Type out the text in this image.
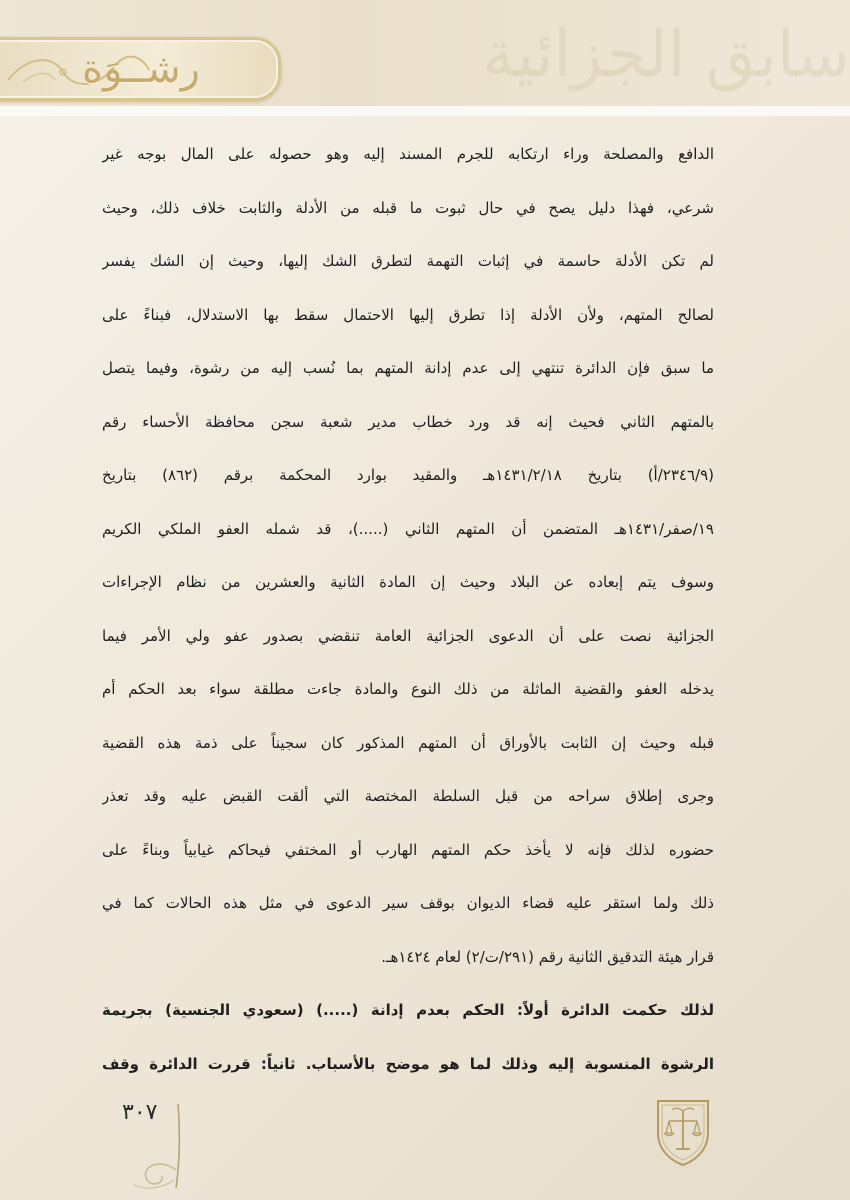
سابق الجزائية
رشــوَة
الدافع والمصلحة وراء ارتكابه للجرم المسند إليه وهو حصوله على المال بوجه غير
شرعي، فهذا دليل يصح في حال ثبوت ما قبله من الأدلة والثابت خلاف ذلك، وحيث
لم تكن الأدلة حاسمة في إثبات التهمة لتطرق الشك إليها، وحيث إن الشك يفسر
لصالح المتهم، ولأن الأدلة إذا تطرق إليها الاحتمال سقط بها الاستدلال، فبناءً على
ما سبق فإن الدائرة تنتهي إلى عدم إدانة المتهم بما نُسب إليه من رشوة، وفيما يتصل
بالمتهم الثاني فحيث إنه قد ورد خطاب مدير شعبة سجن محافظة الأحساء رقم
(٢٣٤٦/٩/أ) بتاريخ ١٤٣١/٢/١٨هـ والمقيد بوارد المحكمة برقم (٨٦٢) بتاريخ
١٩/صفر/١٤٣١هـ المتضمن أن المتهم الثاني (.....)، قد شمله العفو الملكي الكريم
وسوف يتم إبعاده عن البلاد وحيث إن المادة الثانية والعشرين من نظام الإجراءات
الجزائية نصت على أن الدعوى الجزائية العامة تنقضي بصدور عفو ولي الأمر فيما
يدخله العفو والقضية الماثلة من ذلك النوع والمادة جاءت مطلقة سواء بعد الحكم أم
قبله وحيث إن الثابت بالأوراق أن المتهم المذكور كان سجيناً على ذمة هذه القضية
وجرى إطلاق سراحه من قبل السلطة المختصة التي ألقت القبض عليه وقد تعذر
حضوره لذلك فإنه لا يأخذ حكم المتهم الهارب أو المختفي فيحاكم غيابياً وبناءً على
ذلك ولما استقر عليه قضاء الديوان بوقف سير الدعوى في مثل هذه الحالات كما في
قرار هيئة التدقيق الثانية رقم (٢٩١/ت/٢) لعام ١٤٢٤هـ.
لذلك حكمت الدائرة أولاً: الحكم بعدم إدانة (.....) (سعودي الجنسية) بجريمة
الرشوة المنسوبة إليه وذلك لما هو موضح بالأسباب. ثانياً: قررت الدائرة وقف
٣٠٧
